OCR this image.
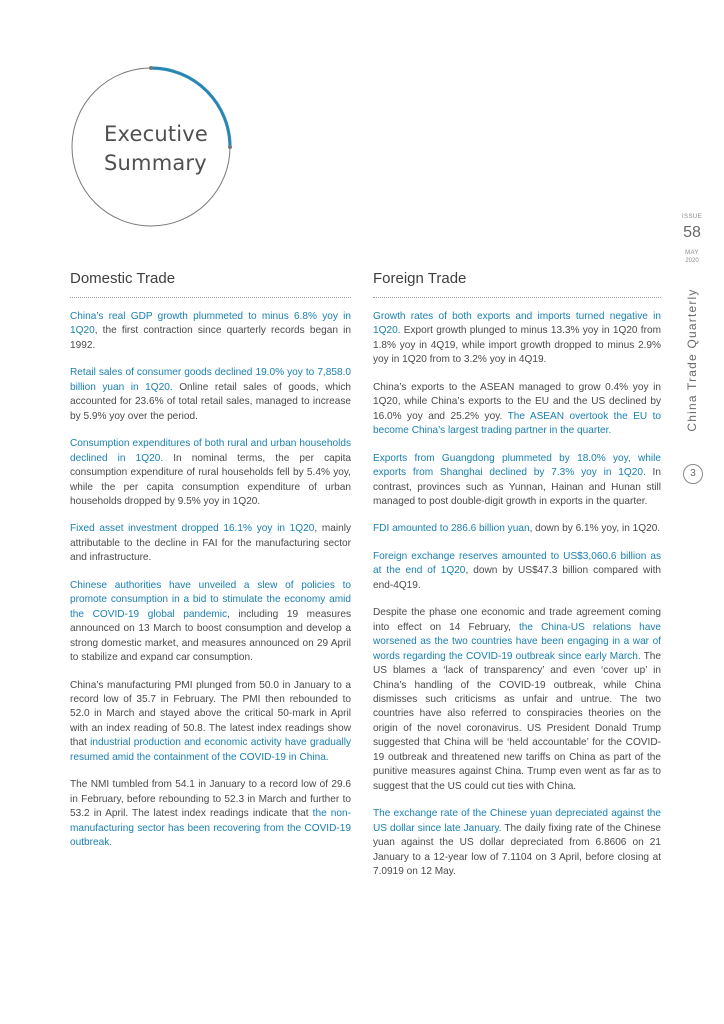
Executive
Summary
ISSUE
58
MAY
2020
China Trade Quarterly
3
Domestic Trade

China’s real GDP growth plummeted to minus 6.8% yoy in 1Q20, the first contraction since quarterly records began in 1992.

Retail sales of consumer goods declined 19.0% yoy to 7,858.0 billion yuan in 1Q20. Online retail sales of goods, which accounted for 23.6% of total retail sales, managed to increase by 5.9% yoy over the period.

Consumption expenditures of both rural and urban households declined in 1Q20. In nominal terms, the per capita consumption expenditure of rural households fell by 5.4% yoy, while the per capita consumption expenditure of urban households dropped by 9.5% yoy in 1Q20.

Fixed asset investment dropped 16.1% yoy in 1Q20, mainly attributable to the decline in FAI for the manufacturing sector and infrastructure.

Chinese authorities have unveiled a slew of policies to promote consumption in a bid to stimulate the economy amid the COVID-19 global pandemic, including 19 measures announced on 13 March to boost consumption and develop a strong domestic market, and measures announced on 29 April to stabilize and expand car consumption.

China’s manufacturing PMI plunged from 50.0 in January to a record low of 35.7 in February. The PMI then rebounded to 52.0 in March and stayed above the critical 50-mark in April with an index reading of 50.8. The latest index readings show that industrial production and economic activity have gradually resumed amid the containment of the COVID-19 in China.

The NMI tumbled from 54.1 in January to a record low of 29.6 in February, before rebounding to 52.3 in March and further to 53.2 in April. The latest index readings indicate that the non-manufacturing sector has been recovering from the COVID-19 outbreak.

Foreign Trade

Growth rates of both exports and imports turned negative in 1Q20. Export growth plunged to minus 13.3% yoy in 1Q20 from 1.8% yoy in 4Q19, while import growth dropped to minus 2.9% yoy in 1Q20 from to 3.2% yoy in 4Q19.

China’s exports to the ASEAN managed to grow 0.4% yoy in 1Q20, while China’s exports to the EU and the US declined by 16.0% yoy and 25.2% yoy. The ASEAN overtook the EU to become China’s largest trading partner in the quarter.

Exports from Guangdong plummeted by 18.0% yoy, while exports from Shanghai declined by 7.3% yoy in 1Q20. In contrast, provinces such as Yunnan, Hainan and Hunan still managed to post double-digit growth in exports in the quarter.

FDI amounted to 286.6 billion yuan, down by 6.1% yoy, in 1Q20.

Foreign exchange reserves amounted to US$3,060.6 billion as at the end of 1Q20, down by US$47.3 billion compared with end-4Q19.

Despite the phase one economic and trade agreement coming into effect on 14 February, the China-US relations have worsened as the two countries have been engaging in a war of words regarding the COVID-19 outbreak since early March. The US blames a ‘lack of transparency’ and even ‘cover up’ in China’s handling of the COVID-19 outbreak, while China dismisses such criticisms as unfair and untrue. The two countries have also referred to conspiracies theories on the origin of the novel coronavirus. US President Donald Trump suggested that China will be ‘held accountable’ for the COVID-19 outbreak and threatened new tariffs on China as part of the punitive measures against China. Trump even went as far as to suggest that the US could cut ties with China.

The exchange rate of the Chinese yuan depreciated against the US dollar since late January. The daily fixing rate of the Chinese yuan against the US dollar depreciated from 6.8606 on 21 January to a 12-year low of 7.1104 on 3 April, before closing at 7.0919 on 12 May.
